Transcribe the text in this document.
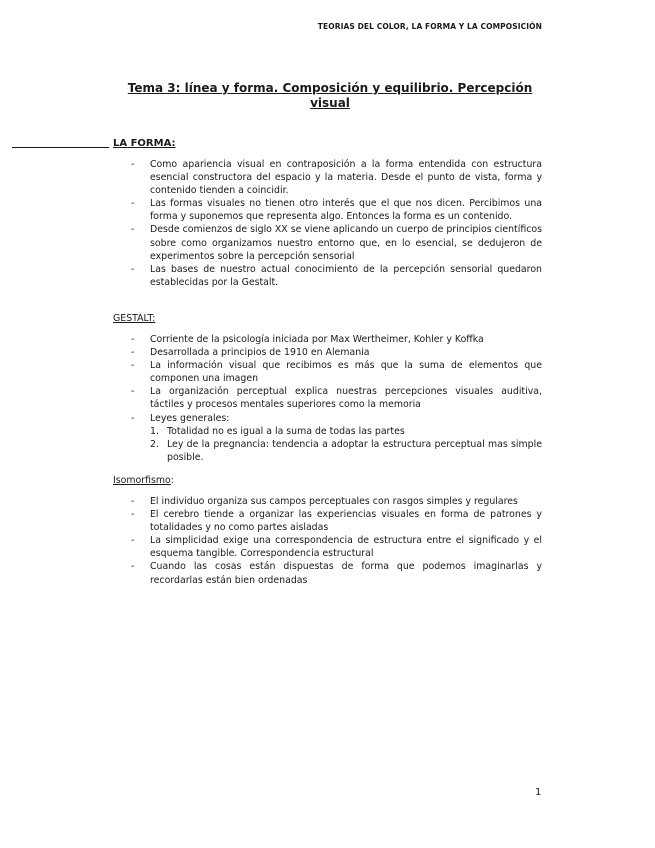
TEORIAS DEL COLOR, LA FORMA Y LA COMPOSICIÓN
Tema 3: línea y forma. Composición y equilibrio. Percepción visual
LA FORMA:
- Como apariencia visual en contraposición a la forma entendida con estructura esencial constructora del espacio y la materia. Desde el punto de vista, forma y contenido tienden a coincidir.
- Las formas visuales no tienen otro interés que el que nos dicen. Percibimos una forma y suponemos que representa algo. Entonces la forma es un contenido.
- Desde comienzos de siglo XX se viene aplicando un cuerpo de principios científicos sobre como organizamos nuestro entorno que, en lo esencial, se dedujeron de experimentos sobre la percepción sensorial
- Las bases de nuestro actual conocimiento de la percepción sensorial quedaron establecidas por la Gestalt.
GESTALT:
- Corriente de la psicología iniciada por Max Wertheimer, Kohler y Koffka
- Desarrollada a principios de 1910 en Alemania
- La información visual que recibimos es más que la suma de elementos que componen una imagen
- La organización perceptual explica nuestras percepciones visuales auditiva, táctiles y procesos mentales superiores como la memoria
- Leyes generales:
1. Totalidad no es igual a la suma de todas las partes
2. Ley de la pregnancia: tendencia a adoptar la estructura perceptual mas simple posible.
Isomorfismo:
- El individuo organiza sus campos perceptuales con rasgos simples y regulares
- El cerebro tiende a organizar las experiencias visuales en forma de patrones y totalidades y no como partes aisladas
- La simplicidad exige una correspondencia de estructura entre el significado y el esquema tangible. Correspondencia estructural
- Cuando las cosas están dispuestas de forma que podemos imaginarlas y recordarlas están bien ordenadas
1
